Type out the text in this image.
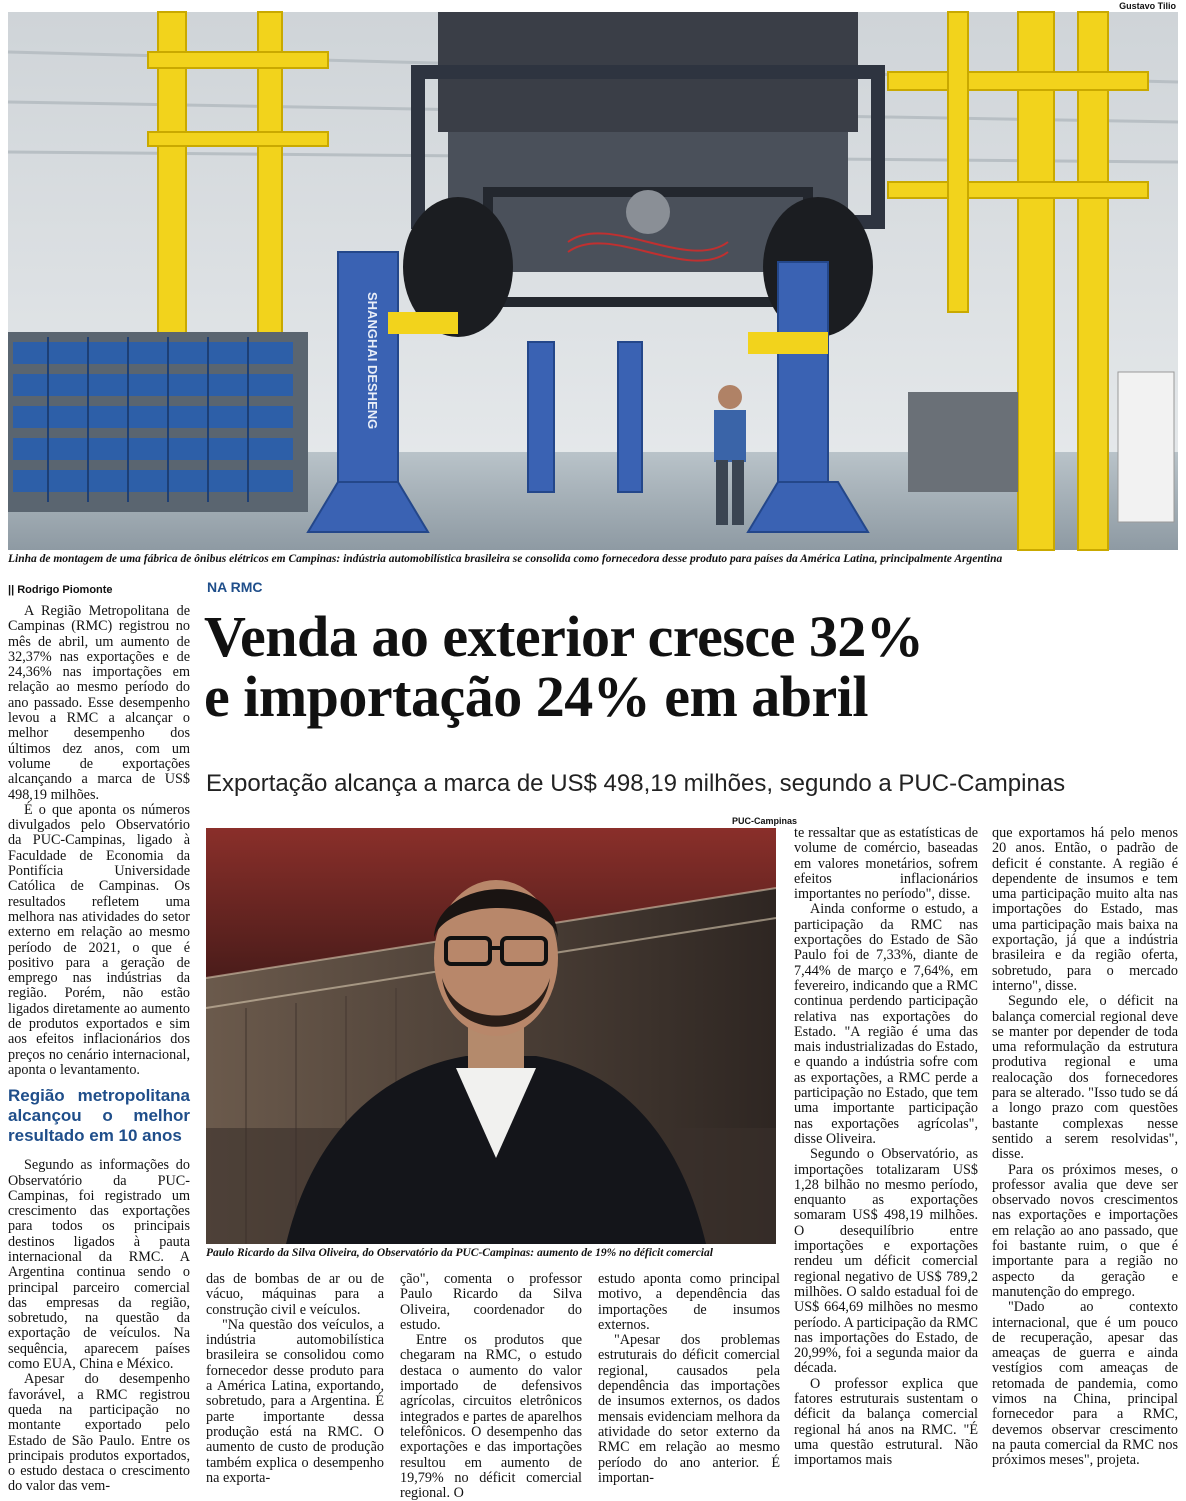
Gustavo Tilio
SHANGHAI DESHENG
Linha de montagem de uma fábrica de ônibus elétricos em Campinas: indústria automobilística brasileira se consolida como fornecedora desse produto para países da América Latina, principalmente Argentina
|| Rodrigo Piomonte	NA RMC
Venda ao exterior cresce 32%
e importação 24% em abril
Exportação alcança a marca de US$ 498,19 milhões, segundo a PUC-Campinas

A Região Metropolitana de Campinas (RMC) registrou no mês de abril, um aumento de 32,37% nas exportações e de 24,36% nas importações em relação ao mesmo período do ano passado. Esse desempenho levou a RMC a alcançar o melhor desempenho dos últimos dez anos, com um volume de exportações alcançando a marca de US$ 498,19 milhões.

É o que aponta os números divulgados pelo Observatório da PUC-Campinas, ligado à Faculdade de Economia da Pontifícia Universidade Católica de Campinas. Os resultados refletem uma melhora nas atividades do setor externo em relação ao mesmo período de 2021, o que é positivo para a geração de emprego nas indústrias da região. Porém, não estão ligados diretamente ao aumento de produtos exportados e sim aos efeitos inflacionários dos preços no cenário internacional, aponta o levantamento.

Região metropolitana alcançou o melhor resultado em 10 anos

Segundo as informações do Observatório da PUC-Campinas, foi registrado um crescimento das exportações para todos os principais destinos ligados à pauta internacional da RMC. A Argentina continua sendo o principal parceiro comercial das empresas da região, sobretudo, na questão da exportação de veículos. Na sequência, aparecem países como EUA, China e México.

Apesar do desempenho favorável, a RMC registrou queda na participação no montante exportado pelo Estado de São Paulo. Entre os principais produtos exportados, o estudo destaca o crescimento do valor das vem-

PUC-Campinas
Paulo Ricardo da Silva Oliveira, do Observatório da PUC-Campinas: aumento de 19% no déficit comercial

das de bombas de ar ou de vácuo, máquinas para a construção civil e veículos.

"Na questão dos veículos, a indústria automobilística brasileira se consolidou como fornecedor desse produto para a América Latina, exportando, sobretudo, para a Argentina. É parte importante dessa produção está na RMC. O aumento de custo de produção também explica o desempenho na exporta-

ção", comenta o professor Paulo Ricardo da Silva Oliveira, coordenador do estudo.

Entre os produtos que chegaram na RMC, o estudo destaca o aumento do valor importado de defensivos agrícolas, circuitos eletrônicos integrados e partes de aparelhos telefônicos. O desempenho das exportações e das importações resultou em aumento de 19,79% no déficit comercial regional. O

estudo aponta como principal motivo, a dependência das importações de insumos externos.

"Apesar dos problemas estruturais do déficit comercial regional, causados pela dependência das importações de insumos externos, os dados mensais evidenciam melhora da atividade do setor externo da RMC em relação ao mesmo período do ano anterior. É importan-

te ressaltar que as estatísticas de volume de comércio, baseadas em valores monetários, sofrem efeitos inflacionários importantes no período", disse.

Ainda conforme o estudo, a participação da RMC nas exportações do Estado de São Paulo foi de 7,33%, diante de 7,44% de março e 7,64%, em fevereiro, indicando que a RMC continua perdendo participação relativa nas exportações do Estado. "A região é uma das mais industrializadas do Estado, e quando a indústria sofre com as exportações, a RMC perde a participação no Estado, que tem uma importante participação nas exportações agrícolas", disse Oliveira.

Segundo o Observatório, as importações totalizaram US$ 1,28 bilhão no mesmo período, enquanto as exportações somaram US$ 498,19 milhões. O desequilíbrio entre importações e exportações rendeu um déficit comercial regional negativo de US$ 789,2 milhões. O saldo estadual foi de US$ 664,69 milhões no mesmo período. A participação da RMC nas importações do Estado, de 20,99%, foi a segunda maior da década.

O professor explica que fatores estruturais sustentam o déficit da balança comercial regional há anos na RMC. "É uma questão estrutural. Não importamos mais

que exportamos há pelo menos 20 anos. Então, o padrão de deficit é constante. A região é dependente de insumos e tem uma participação muito alta nas importações do Estado, mas uma participação mais baixa na exportação, já que a indústria brasileira e da região oferta, sobretudo, para o mercado interno", disse.

Segundo ele, o déficit na balança comercial regional deve se manter por depender de toda uma reformulação da estrutura produtiva regional e uma realocação dos fornecedores para se alterado. "Isso tudo se dá a longo prazo com questões bastante complexas nesse sentido a serem resolvidas", disse.

Para os próximos meses, o professor avalia que deve ser observado novos crescimentos nas exportações e importações em relação ao ano passado, que foi bastante ruim, o que é importante para a região no aspecto da geração e manutenção do emprego.

"Dado ao contexto internacional, que é um pouco de recuperação, apesar das ameaças de guerra e ainda vestígios com ameaças de retomada de pandemia, como vimos na China, principal fornecedor para a RMC, devemos observar crescimento na pauta comercial da RMC nos próximos meses", projeta.
